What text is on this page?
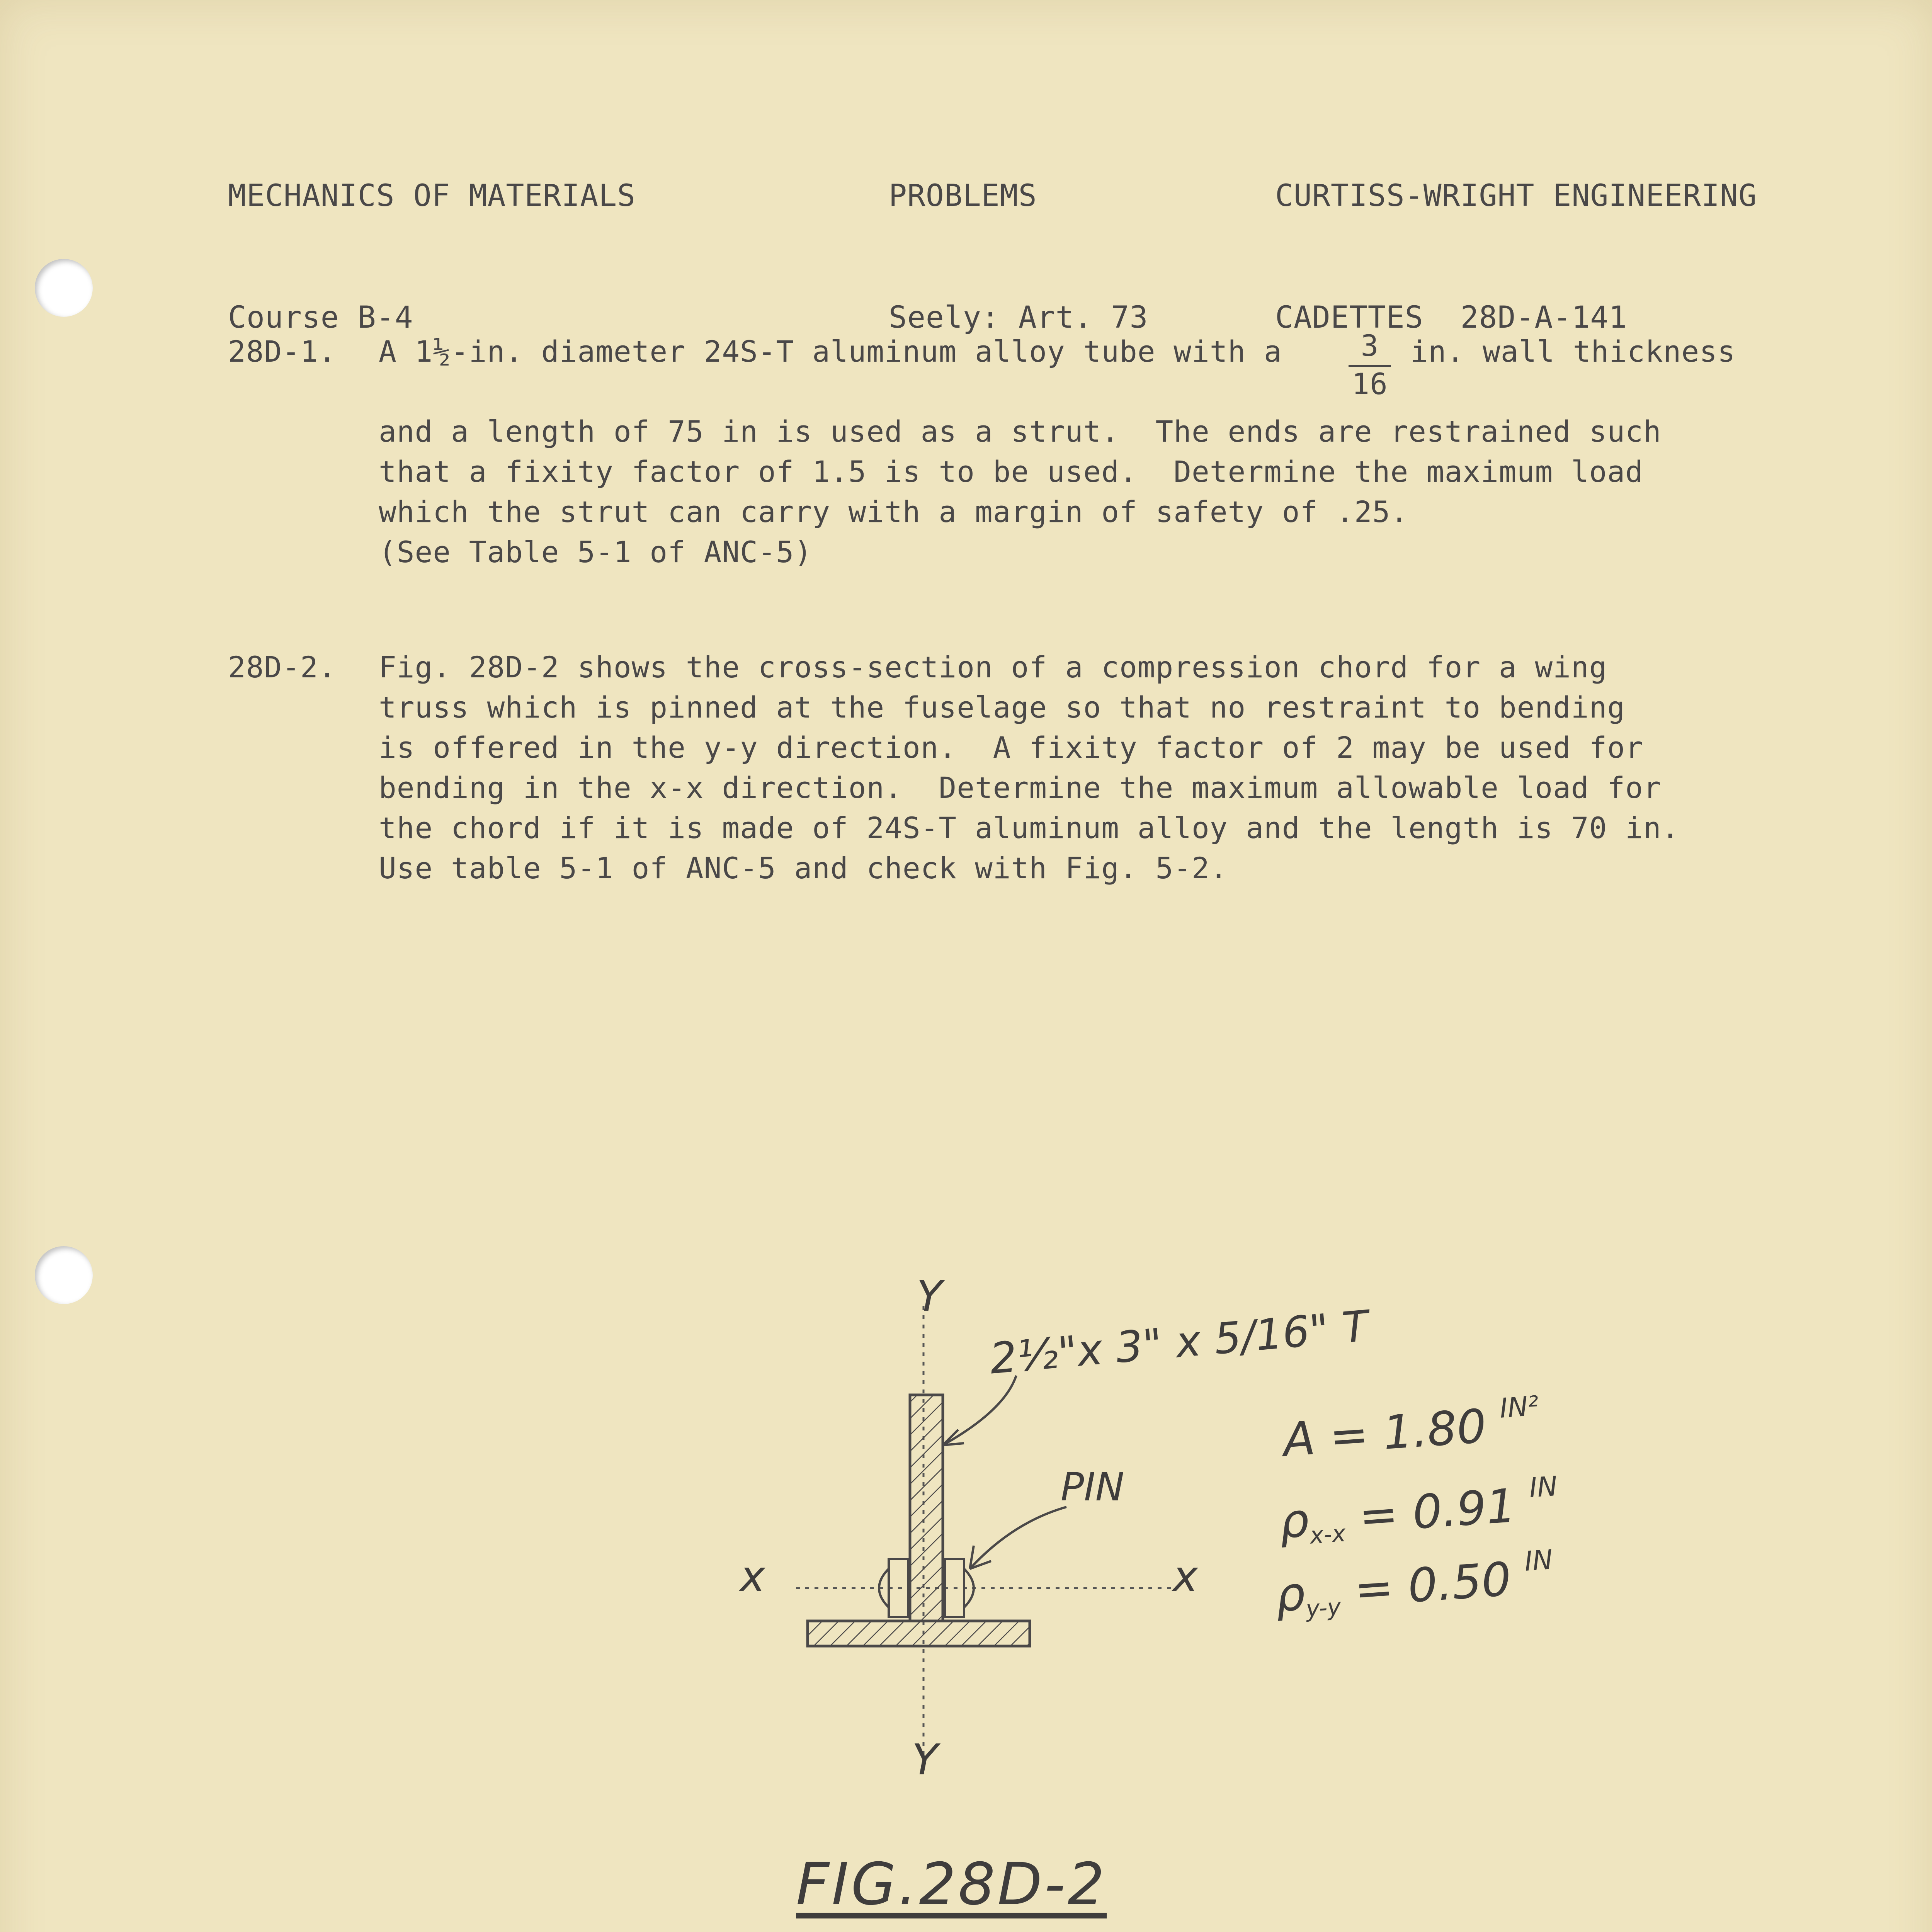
MECHANICS OF MATERIALS

Course B-4

PROBLEMS

Seely: Art. 73

CURTISS-WRIGHT ENGINEERING

CADETTES  28D-A-141

28D-1. A 1½-in. diameter 24S-T aluminum alloy tube with a $\frac{3}{16}$ in. wall thickness
and a length of 75 in is used as a strut.  The ends are restrained such
that a fixity factor of 1.5 is to be used.  Determine the maximum load
which the strut can carry with a margin of safety of .25.
(See Table 5-1 of ANC-5)
28D-2. Fig. 28D-2 shows the cross-section of a compression chord for a wing
truss which is pinned at the fuselage so that no restraint to bending
is offered in the y-y direction.  A fixity factor of 2 may be used for
bending in the x-x direction.  Determine the maximum allowable load for
the chord if it is made of 24S-T aluminum alloy and the length is 70 in.
Use table 5-1 of ANC-5 and check with Fig. 5-2.
Y
Y
x	x
2½"x 3" x 5/16" T
PIN
A = 1.80 $^{IN^2}$
$\rho_{x-x} = 0.91$ $^{IN}$
$\rho_{y-y} = 0.50$ $^{IN}$
FIG.28D-2
